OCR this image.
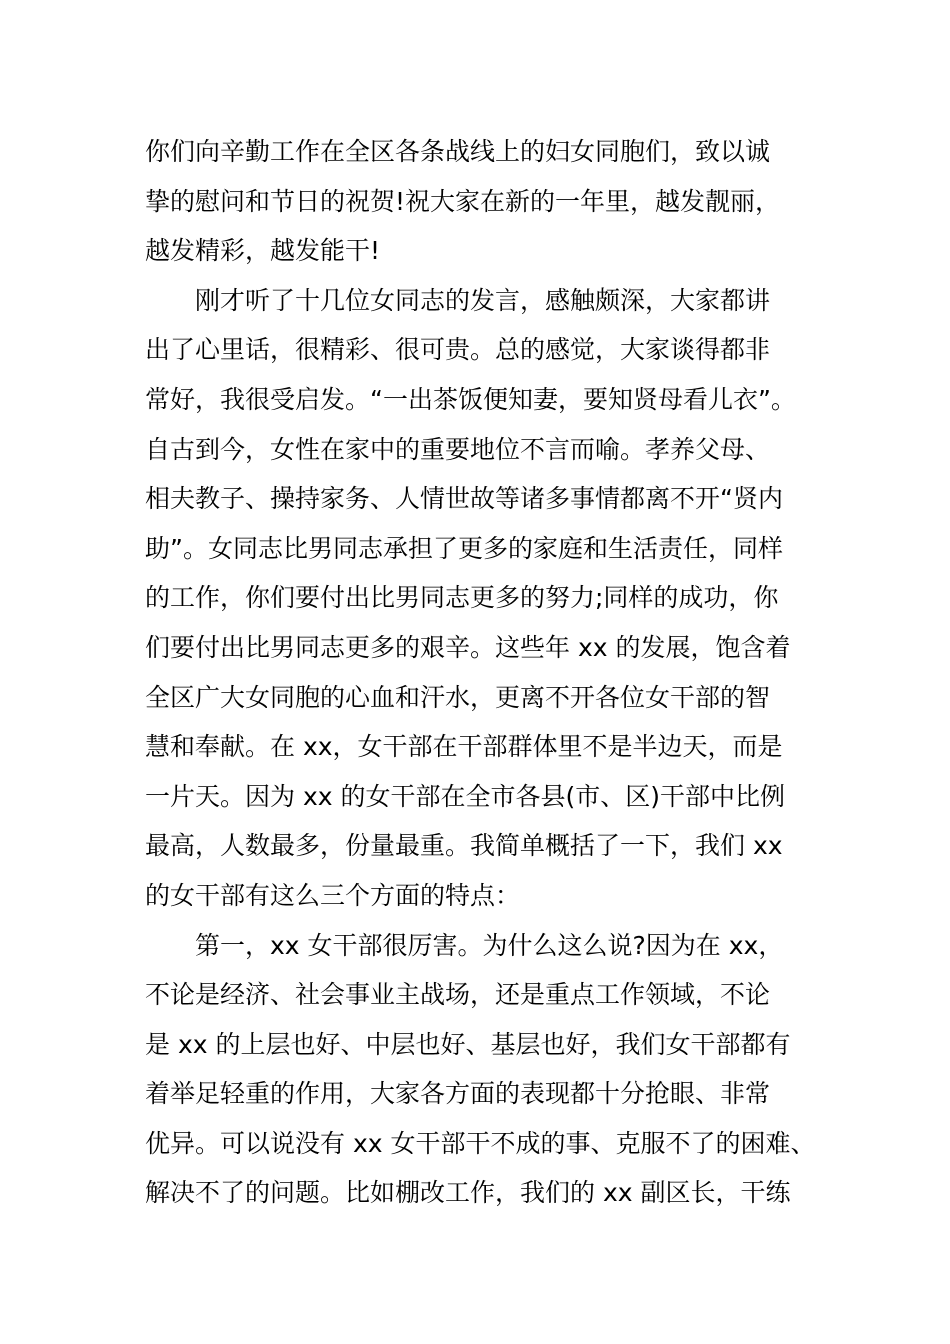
你们向辛勤工作在全区各条战线上的妇女同胞们，致以诚
挚的慰问和节日的祝贺!祝大家在新的一年里，越发靓丽，
越发精彩，越发能干!
刚才听了十几位女同志的发言，感触颇深，大家都讲
出了心里话，很精彩、很可贵。总的感觉，大家谈得都非
常好，我很受启发。“一出茶饭便知妻，要知贤母看儿衣”。
自古到今，女性在家中的重要地位不言而喻。孝养父母、
相夫教子、操持家务、人情世故等诸多事情都离不开“贤内
助”。女同志比男同志承担了更多的家庭和生活责任，同样
的工作，你们要付出比男同志更多的努力;同样的成功，你
们要付出比男同志更多的艰辛。这些年 xx 的发展，饱含着
全区广大女同胞的心血和汗水，更离不开各位女干部的智
慧和奉献。在 xx，女干部在干部群体里不是半边天，而是
一片天。因为 xx 的女干部在全市各县(市、区)干部中比例
最高，人数最多，份量最重。我简单概括了一下，我们 xx
的女干部有这么三个方面的特点：
第一，xx 女干部很厉害。为什么这么说?因为在 xx，
不论是经济、社会事业主战场，还是重点工作领域，不论
是 xx 的上层也好、中层也好、基层也好，我们女干部都有
着举足轻重的作用，大家各方面的表现都十分抢眼、非常
优异。可以说没有 xx 女干部干不成的事、克服不了的困难、
解决不了的问题。比如棚改工作，我们的 xx 副区长，干练
